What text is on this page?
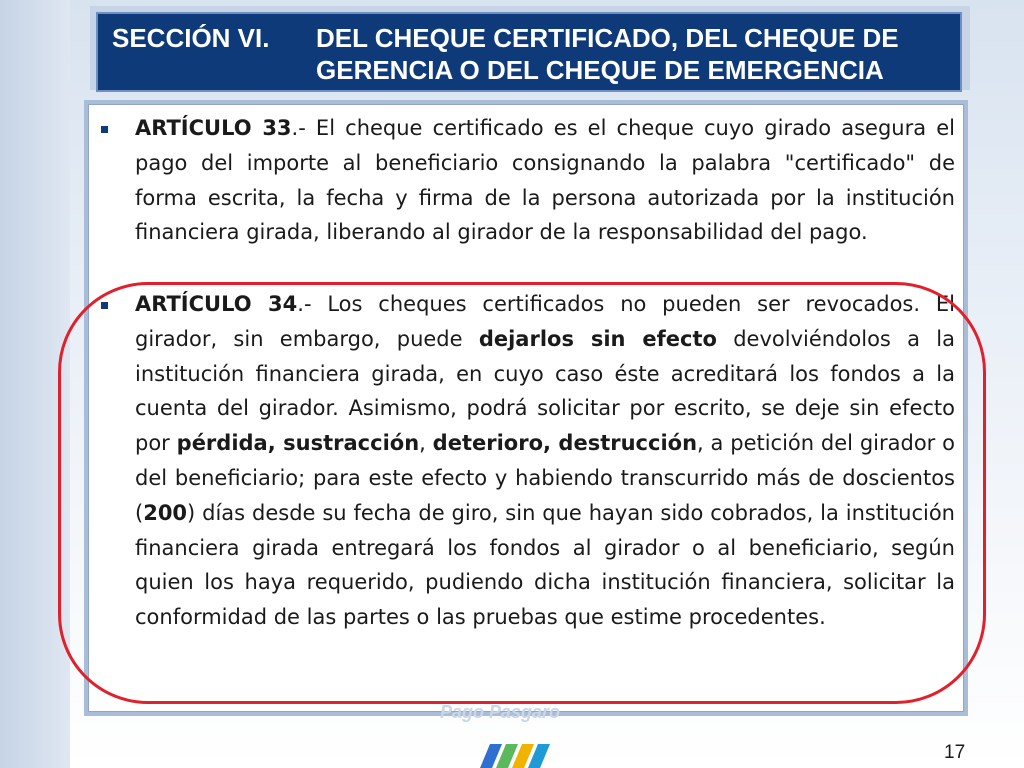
SECCIÓN VI. DEL CHEQUE CERTIFICADO, DEL CHEQUE DE GERENCIA O DEL CHEQUE DE EMERGENCIA
ARTÍCULO 33.- El cheque certificado es el cheque cuyo girado asegura el pago del importe al beneficiario consignando la palabra "certificado" de forma escrita, la fecha y firma de la persona autorizada por la institución financiera girada, liberando al girador de la responsabilidad del pago.
ARTÍCULO 34.- Los cheques certificados no pueden ser revocados. El girador, sin embargo, puede dejarlos sin efecto devolviéndolos a la institución financiera girada, en cuyo caso éste acreditará los fondos a la cuenta del girador. Asimismo, podrá solicitar por escrito, se deje sin efecto por pérdida, sustracción, deterioro, destrucción, a petición del girador o del beneficiario; para este efecto y habiendo transcurrido más de doscientos (200) días desde su fecha de giro, sin que hayan sido cobrados, la institución financiera girada entregará los fondos al girador o al beneficiario, según quien los haya requerido, pudiendo dicha institución financiera, solicitar la conformidad de las partes o las pruebas que estime procedentes.
Pago Pasgaro
17
